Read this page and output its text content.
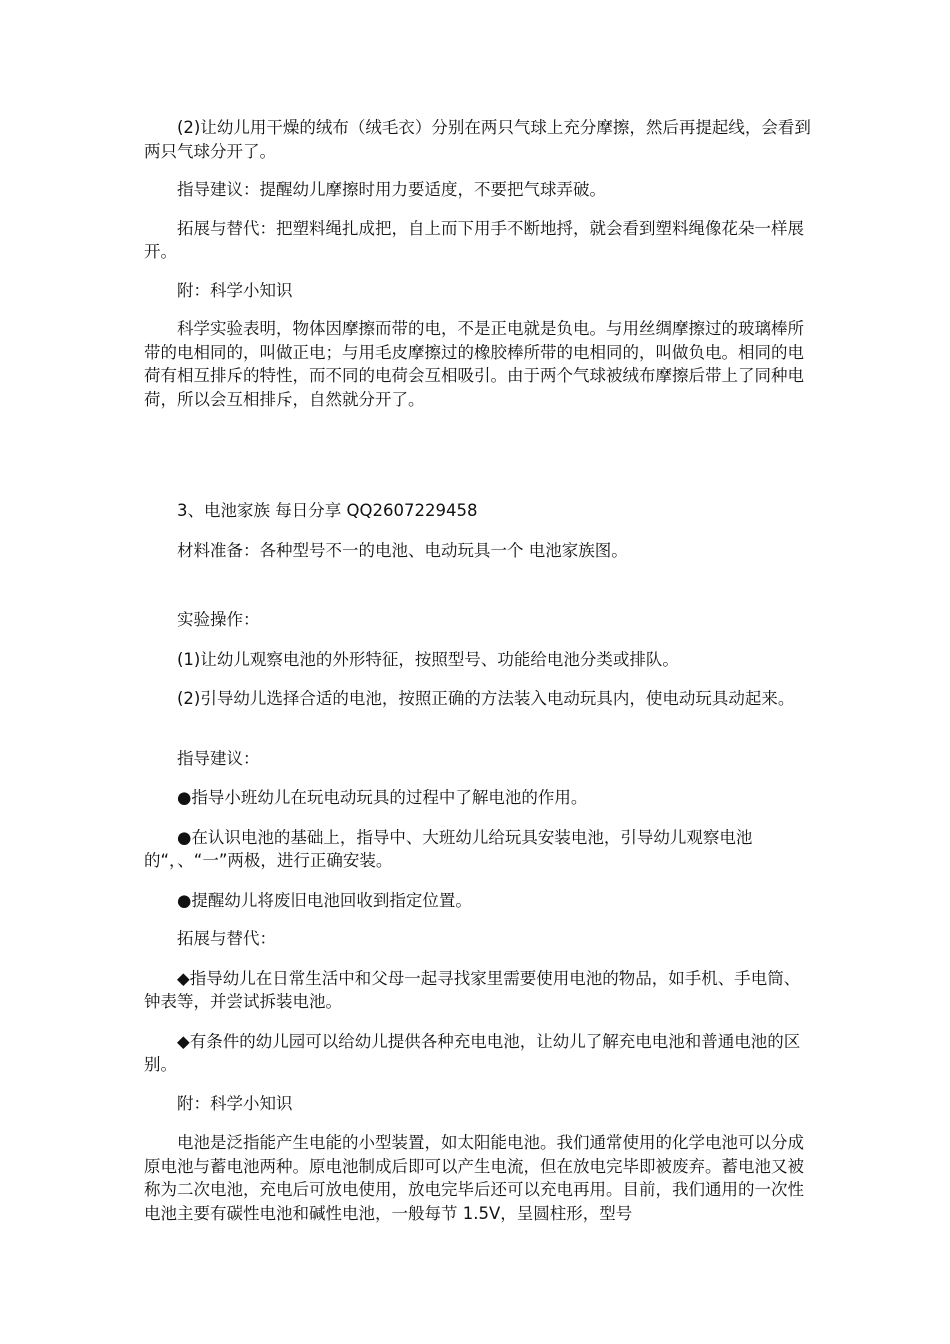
(2)让幼儿用干燥的绒布（绒毛衣）分别在两只气球上充分摩擦，然后再提起线，会看到两只气球分开了。

指导建议：提醒幼儿摩擦时用力要适度，不要把气球弄破。

拓展与替代：把塑料绳扎成把，自上而下用手不断地捋，就会看到塑料绳像花朵一样展开。

附：科学小知识

科学实验表明，物体因摩擦而带的电，不是正电就是负电。与用丝绸摩擦过的玻璃棒所带的电相同的，叫做正电；与用毛皮摩擦过的橡胶棒所带的电相同的，叫做负电。相同的电荷有相互排斥的特性，而不同的电荷会互相吸引。由于两个气球被绒布摩擦后带上了同种电荷，所以会互相排斥，自然就分开了。

3、电池家族 每日分享 QQ2607229458

材料准备：各种型号不一的电池、电动玩具一个 电池家族图。

实验操作：

(1)让幼儿观察电池的外形特征，按照型号、功能给电池分类或排队。

(2)引导幼儿选择合适的电池，按照正确的方法装入电动玩具内，使电动玩具动起来。

指导建议：

●指导小班幼儿在玩电动玩具的过程中了解电池的作用。

●在认识电池的基础上，指导中、大班幼儿给玩具安装电池，引导幼儿观察电池的“，、“一”两极，进行正确安装。

●提醒幼儿将废旧电池回收到指定位置。

拓展与替代：

◆指导幼儿在日常生活中和父母一起寻找家里需要使用电池的物品，如手机、手电筒、钟表等，并尝试拆装电池。

◆有条件的幼儿园可以给幼儿提供各种充电电池，让幼儿了解充电电池和普通电池的区别。

附：科学小知识

电池是泛指能产生电能的小型装置，如太阳能电池。我们通常使用的化学电池可以分成原电池与蓄电池两种。原电池制成后即可以产生电流，但在放电完毕即被废弃。蓄电池又被称为二次电池，充电后可放电使用，放电完毕后还可以充电再用。目前，我们通用的一次性电池主要有碳性电池和碱性电池，一般每节 1.5V，呈圆柱形，型号
